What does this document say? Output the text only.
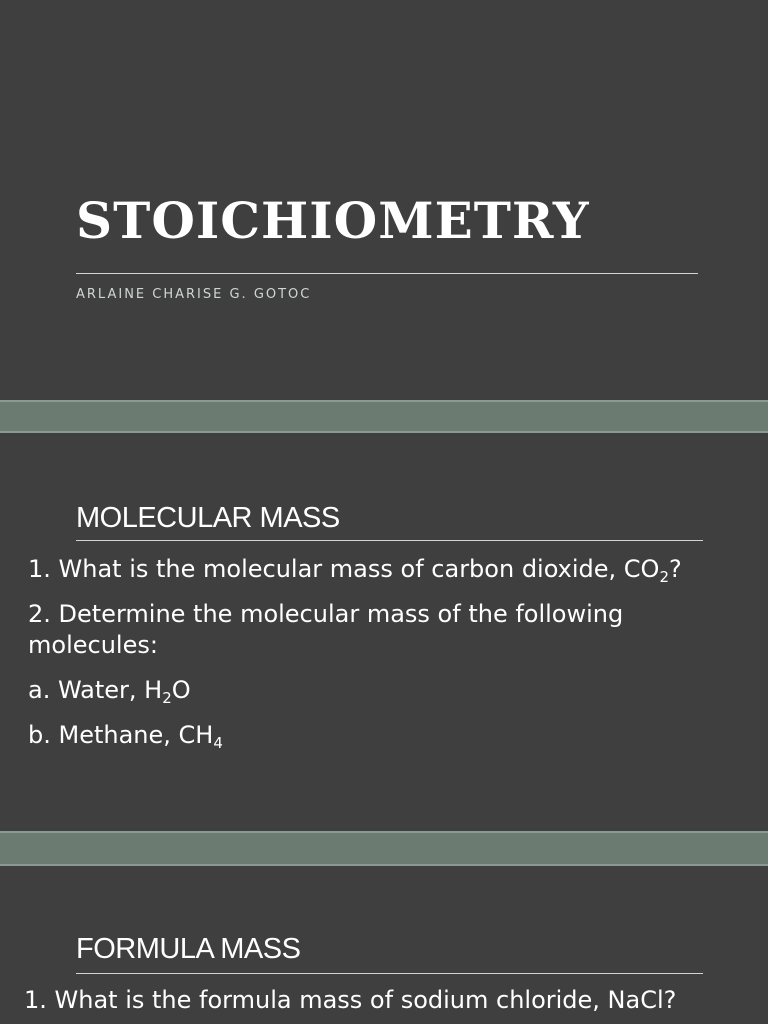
STOICHIOMETRY
ARLAINE CHARISE G. GOTOC
MOLECULAR MASS

1. What is the molecular mass of carbon dioxide, $CO_2$?

2. Determine the molecular mass of the following molecules:

a. Water, $H_2O$

b. Methane, $CH_4$

FORMULA MASS

1. What is the formula mass of sodium chloride, NaCl?
